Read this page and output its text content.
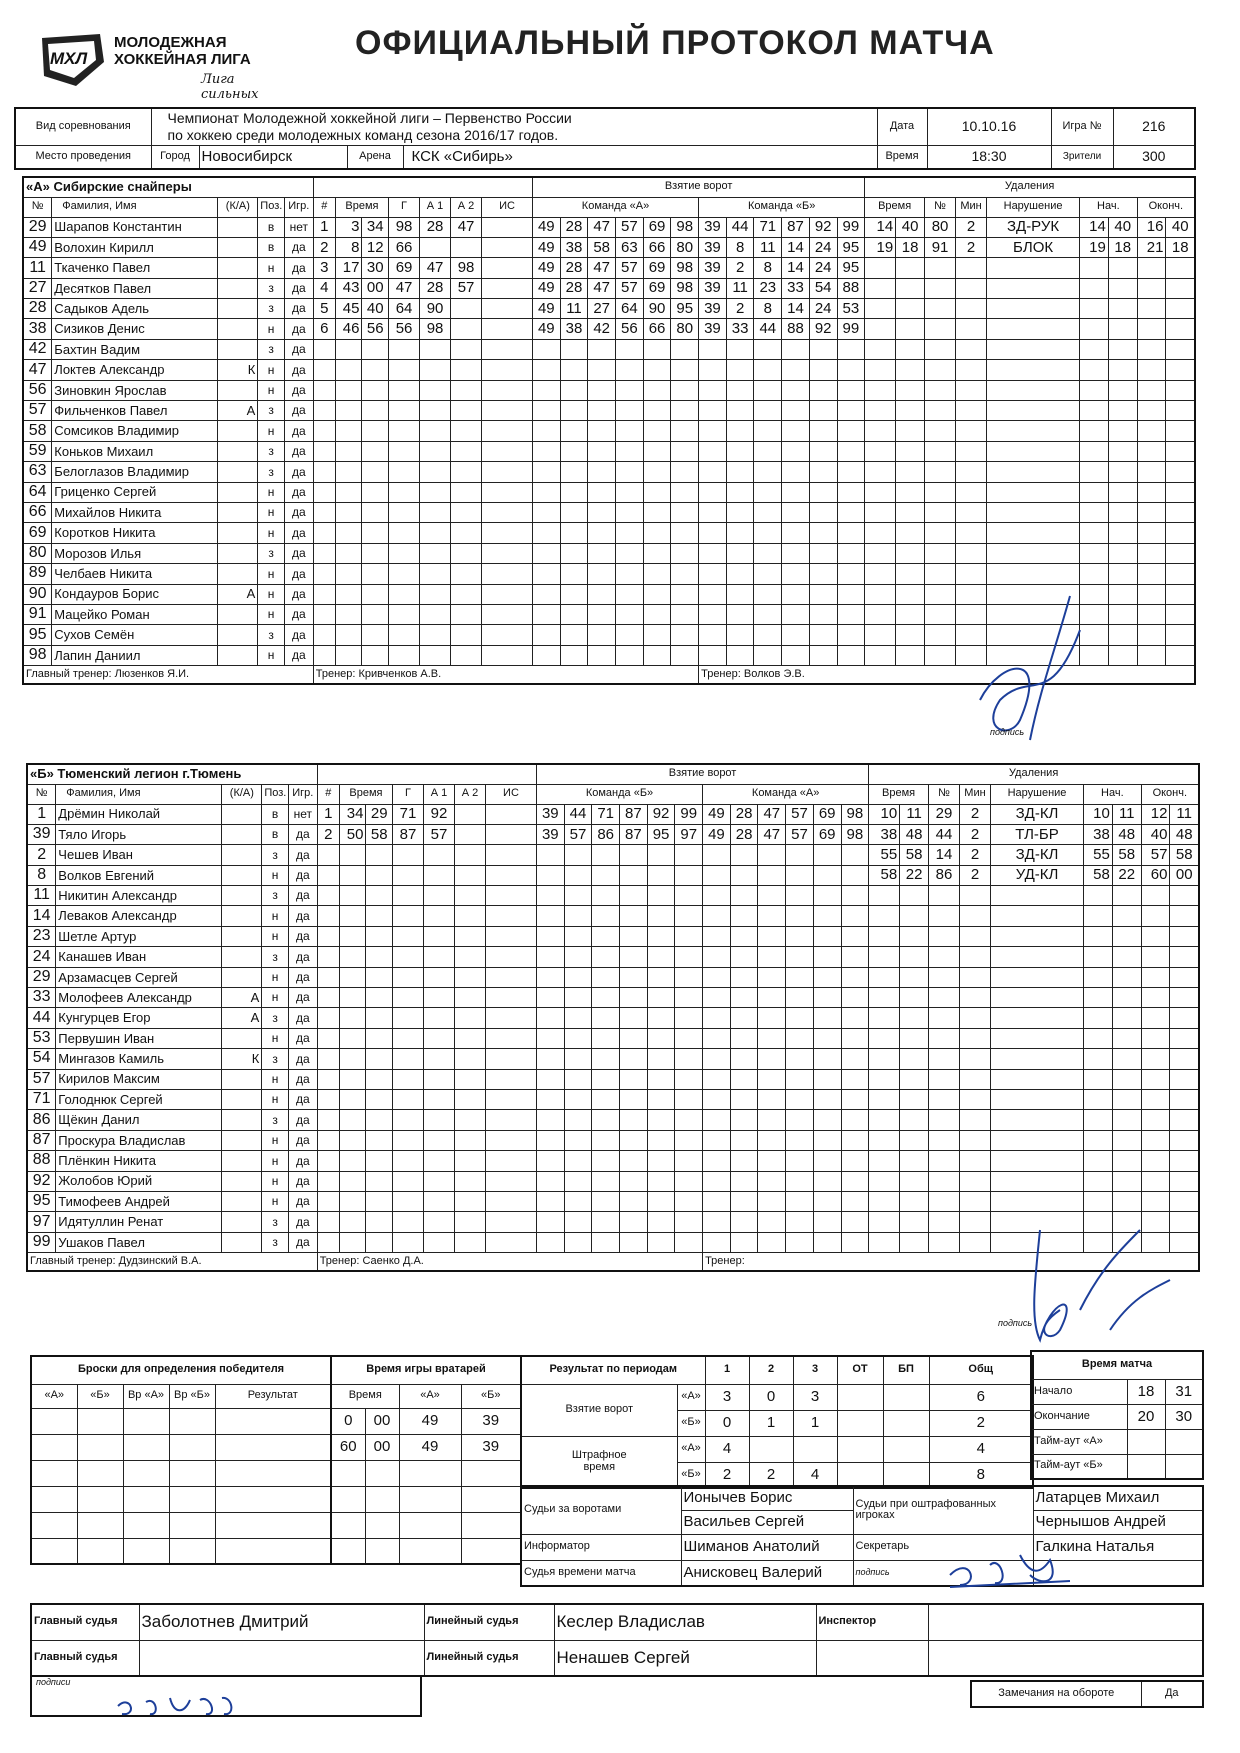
МХЛ
МОЛОДЕЖНАЯ
ХОККЕЙНАЯ ЛИГА
Лига сильных
ОФИЦИАЛЬНЫЙ ПРОТОКОЛ МАТЧА
Вид соревнования	Чемпионат Молодежной хоккейной лиги – Первенство России
по хоккею среди молодежных команд сезона 2016/17 годов.				Дата	10.10.16	Игра №	216
Место проведения	Город	Новосибирск	Арена	КСК «Сибирь»	Время	18:30	Зрители	300
«А» Сибирские снайперы												Взятие ворот												Удаления								
№	Фамилия, Имя	(К/А)	Поз.	Игр.	#	Время		Г	А 1	А 2	ИС	Команда «А»						Команда «Б»						Время		№	Мин	Нарушение	Нач.		Оконч.	
29	Шарапов Константин		в	нет	1	3	34	98	28	47		49	28	47	57	69	98	39	44	71	87	92	99	14	40	80	2	ЗД-РУК	14	40	16	40
49	Волохин Кирилл		в	да	2	8	12	66				49	38	58	63	66	80	39	8	11	14	24	95	19	18	91	2	БЛОК	19	18	21	18
11	Ткаченко Павел		н	да	3	17	30	69	47	98		49	28	47	57	69	98	39	2	8	14	24	95									
27	Десятков Павел		з	да	4	43	00	47	28	57		49	28	47	57	69	98	39	11	23	33	54	88									
28	Садыков Адель		з	да	5	45	40	64	90			49	11	27	64	90	95	39	2	8	14	24	53									
38	Сизиков Денис		н	да	6	46	56	56	98			49	38	42	56	66	80	39	33	44	88	92	99									
42	Бахтин Вадим		з	да																												
47	Локтев Александр	К	н	да																												
56	Зиновкин Ярослав		н	да																												
57	Фильченков Павел	А	з	да																												
58	Сомсиков Владимир		н	да																												
59	Коньков Михаил		з	да																												
63	Белоглазов Владимир		з	да																												
64	Гриценко Сергей		н	да																												
66	Михайлов Никита		н	да																												
69	Коротков Никита		н	да																												
80	Морозов Илья		з	да																												
89	Челбаев Никита		н	да																												
90	Кондауров Борис	А	н	да																												
91	Мацейко Роман		н	да																												
95	Сухов Семён		з	да																												
98	Лапин Даниил		н	да																												
Главный тренер: Люзенков Я.И.					Тренер: Кривченков А.В.													Тренер: Волков Э.В.														
«Б» Тюменский легион г.Тюмень												Взятие ворот												Удаления								
№	Фамилия, Имя	(К/А)	Поз.	Игр.	#	Время		Г	А 1	А 2	ИС	Команда «Б»						Команда «А»						Время		№	Мин	Нарушение	Нач.		Оконч.	
1	Дрёмин Николай		в	нет	1	34	29	71	92			39	44	71	87	92	99	49	28	47	57	69	98	10	11	29	2	ЗД-КЛ	10	11	12	11
39	Тяло Игорь		в	да	2	50	58	87	57			39	57	86	87	95	97	49	28	47	57	69	98	38	48	44	2	ТЛ-БР	38	48	40	48
2	Чешев Иван		з	да																				55	58	14	2	ЗД-КЛ	55	58	57	58
8	Волков Евгений		н	да																				58	22	86	2	УД-КЛ	58	22	60	00
11	Никитин Александр		з	да																												
14	Леваков Александр		н	да																												
23	Шетле Артур		н	да																												
24	Канашев Иван		з	да																												
29	Арзамасцев Сергей		н	да																												
33	Молофеев Александр	А	н	да																												
44	Кунгурцев Егор	А	з	да																												
53	Первушин Иван		н	да																												
54	Мингазов Камиль	К	з	да																												
57	Кирилов Максим		н	да																												
71	Голоднюк Сергей		н	да																												
86	Щёкин Данил		з	да																												
87	Проскура Владислав		н	да																												
88	Плёнкин Никита		н	да																												
92	Жолобов Юрий		н	да																												
95	Тимофеев Андрей		н	да																												
97	Идятуллин Ренат		з	да																												
99	Ушаков Павел		з	да																												
Главный тренер: Дудзинский В.А.					Тренер: Саенко Д.А.													Тренер:														
Броски для определения победителя				
«А»	«Б»	Вр «А»	Вр «Б»	Результат

Время игры вратарей			
Время		«А»	«Б»
0	00	49	39
60	00	49	39

Результат по периодам		1	2	3	ОТ	БП	Общ
Взятие ворот	«А»	3	0	3			6
	«Б»	0	1	1			2
Штрафное время	«А»	4					4
	«Б»	2	2	4			8
Время матча		
Начало	18	31
Окончание	20	30
Тайм-аут «А»		
Тайм-аут «Б»		
Судьи за воротами	Ионычев Борис	Судьи при оштрафованных игроках	Латарцев Михаил
	Васильев Сергей		Чернышов Андрей
Информатор	Шиманов Анатолий	Секретарь	Галкина Наталья
Судья времени матча	Анисковец Валерий	подпись	
Главный судья	Заболотнев Дмитрий	Линейный судья	Кеслер Владислав	Инспектор	
Главный судья		Линейный судья	Ненашев Сергей		
подписи
Замечания на обороте	Да
подпись
подпись
